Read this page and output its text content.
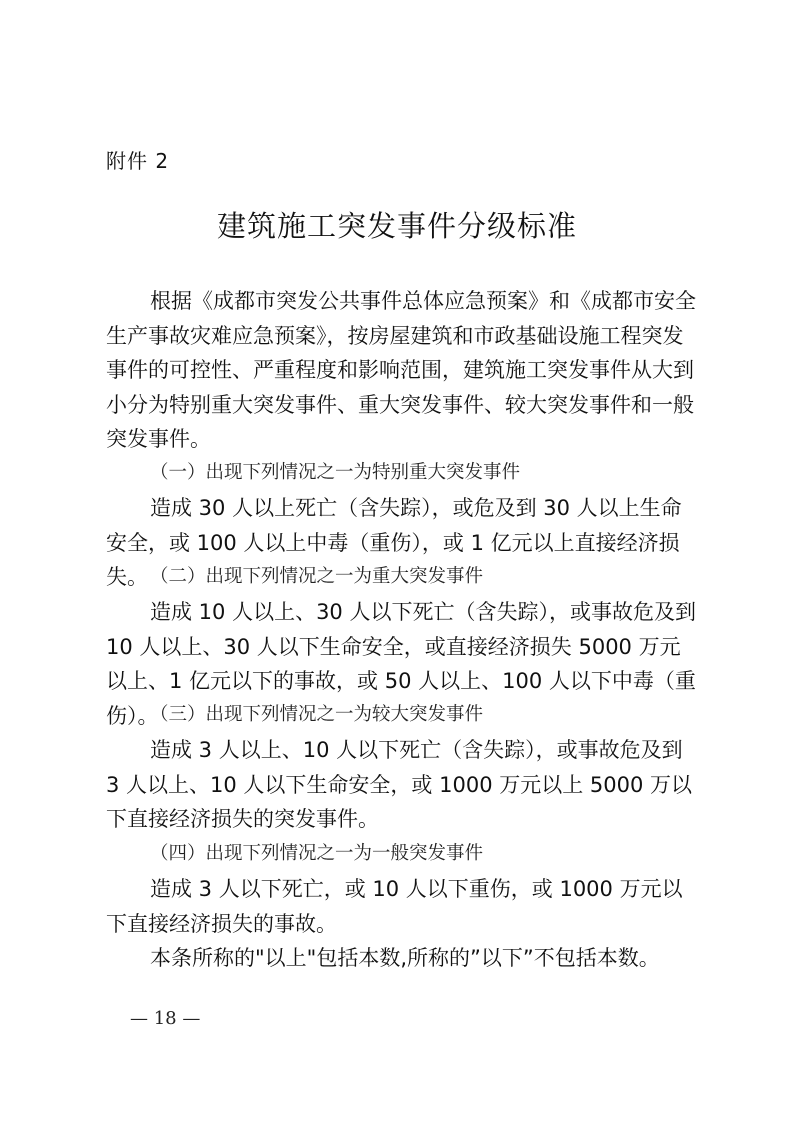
附件 2
建筑施工突发事件分级标准

根据《成都市突发公共事件总体应急预案》和《成都市安全生产事故灾难应急预案》，按房屋建筑和市政基础设施工程突发事件的可控性、严重程度和影响范围，建筑施工突发事件从大到小分为特别重大突发事件、重大突发事件、较大突发事件和一般突发事件。

（一）出现下列情况之一为特别重大突发事件

造成 30 人以上死亡（含失踪），或危及到 30 人以上生命安全，或 100 人以上中毒（重伤），或 1 亿元以上直接经济损失。 （二）出现下列情况之一为重大突发事件

造成 10 人以上、30 人以下死亡（含失踪），或事故危及到 10 人以上、30 人以下生命安全，或直接经济损失 5000 万元以上、1 亿元以下的事故，或 50 人以上、100 人以下中毒（重伤）。

（三）出现下列情况之一为较大突发事件

造成 3 人以上、10 人以下死亡（含失踪），或事故危及到 3 人以上、10 人以下生命安全，或 1000 万元以上 5000 万以下直接经济损失的突发事件。

（四）出现下列情况之一为一般突发事件

造成 3 人以下死亡，或 10 人以下重伤，或 1000 万元以下直接经济损失的事故。

本条所称的"以上"包括本数,所称的”以下”不包括本数。

— 18 —
